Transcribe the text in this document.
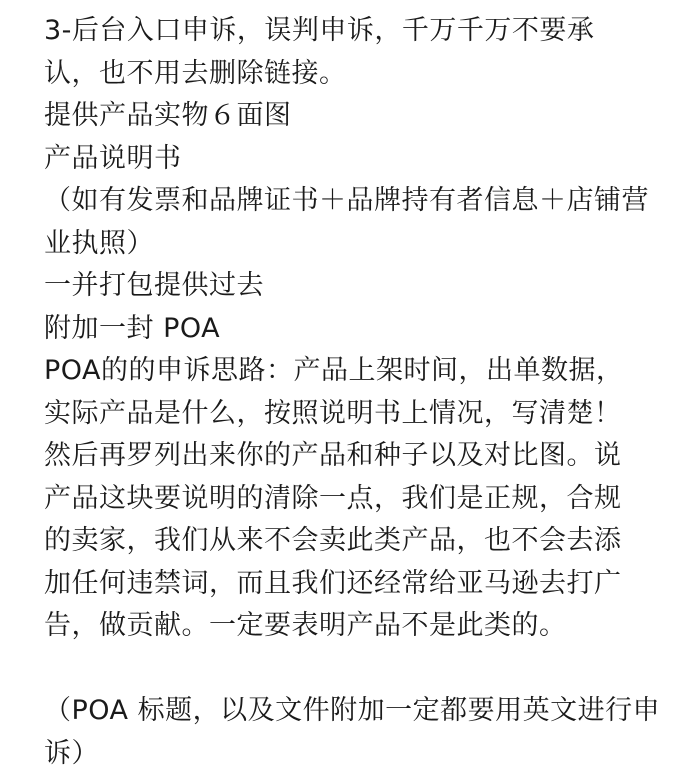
3-后台入口申诉，误判申诉，千万千万不要承
认，也不用去删除链接。
提供产品实物６面图
产品说明书
（如有发票和品牌证书＋品牌持有者信息＋店铺营
业执照）
一并打包提供过去
附加一封 POA
POA的的申诉思路：产品上架时间，出单数据，
实际产品是什么，按照说明书上情况，写清楚！
然后再罗列出来你的产品和种子以及对比图。说
产品这块要说明的清除一点，我们是正规，合规
的卖家，我们从来不会卖此类产品，也不会去添
加任何违禁词，而且我们还经常给亚马逊去打广
告，做贡献。一定要表明产品不是此类的。
（POA 标题，以及文件附加一定都要用英文进行申
诉）
